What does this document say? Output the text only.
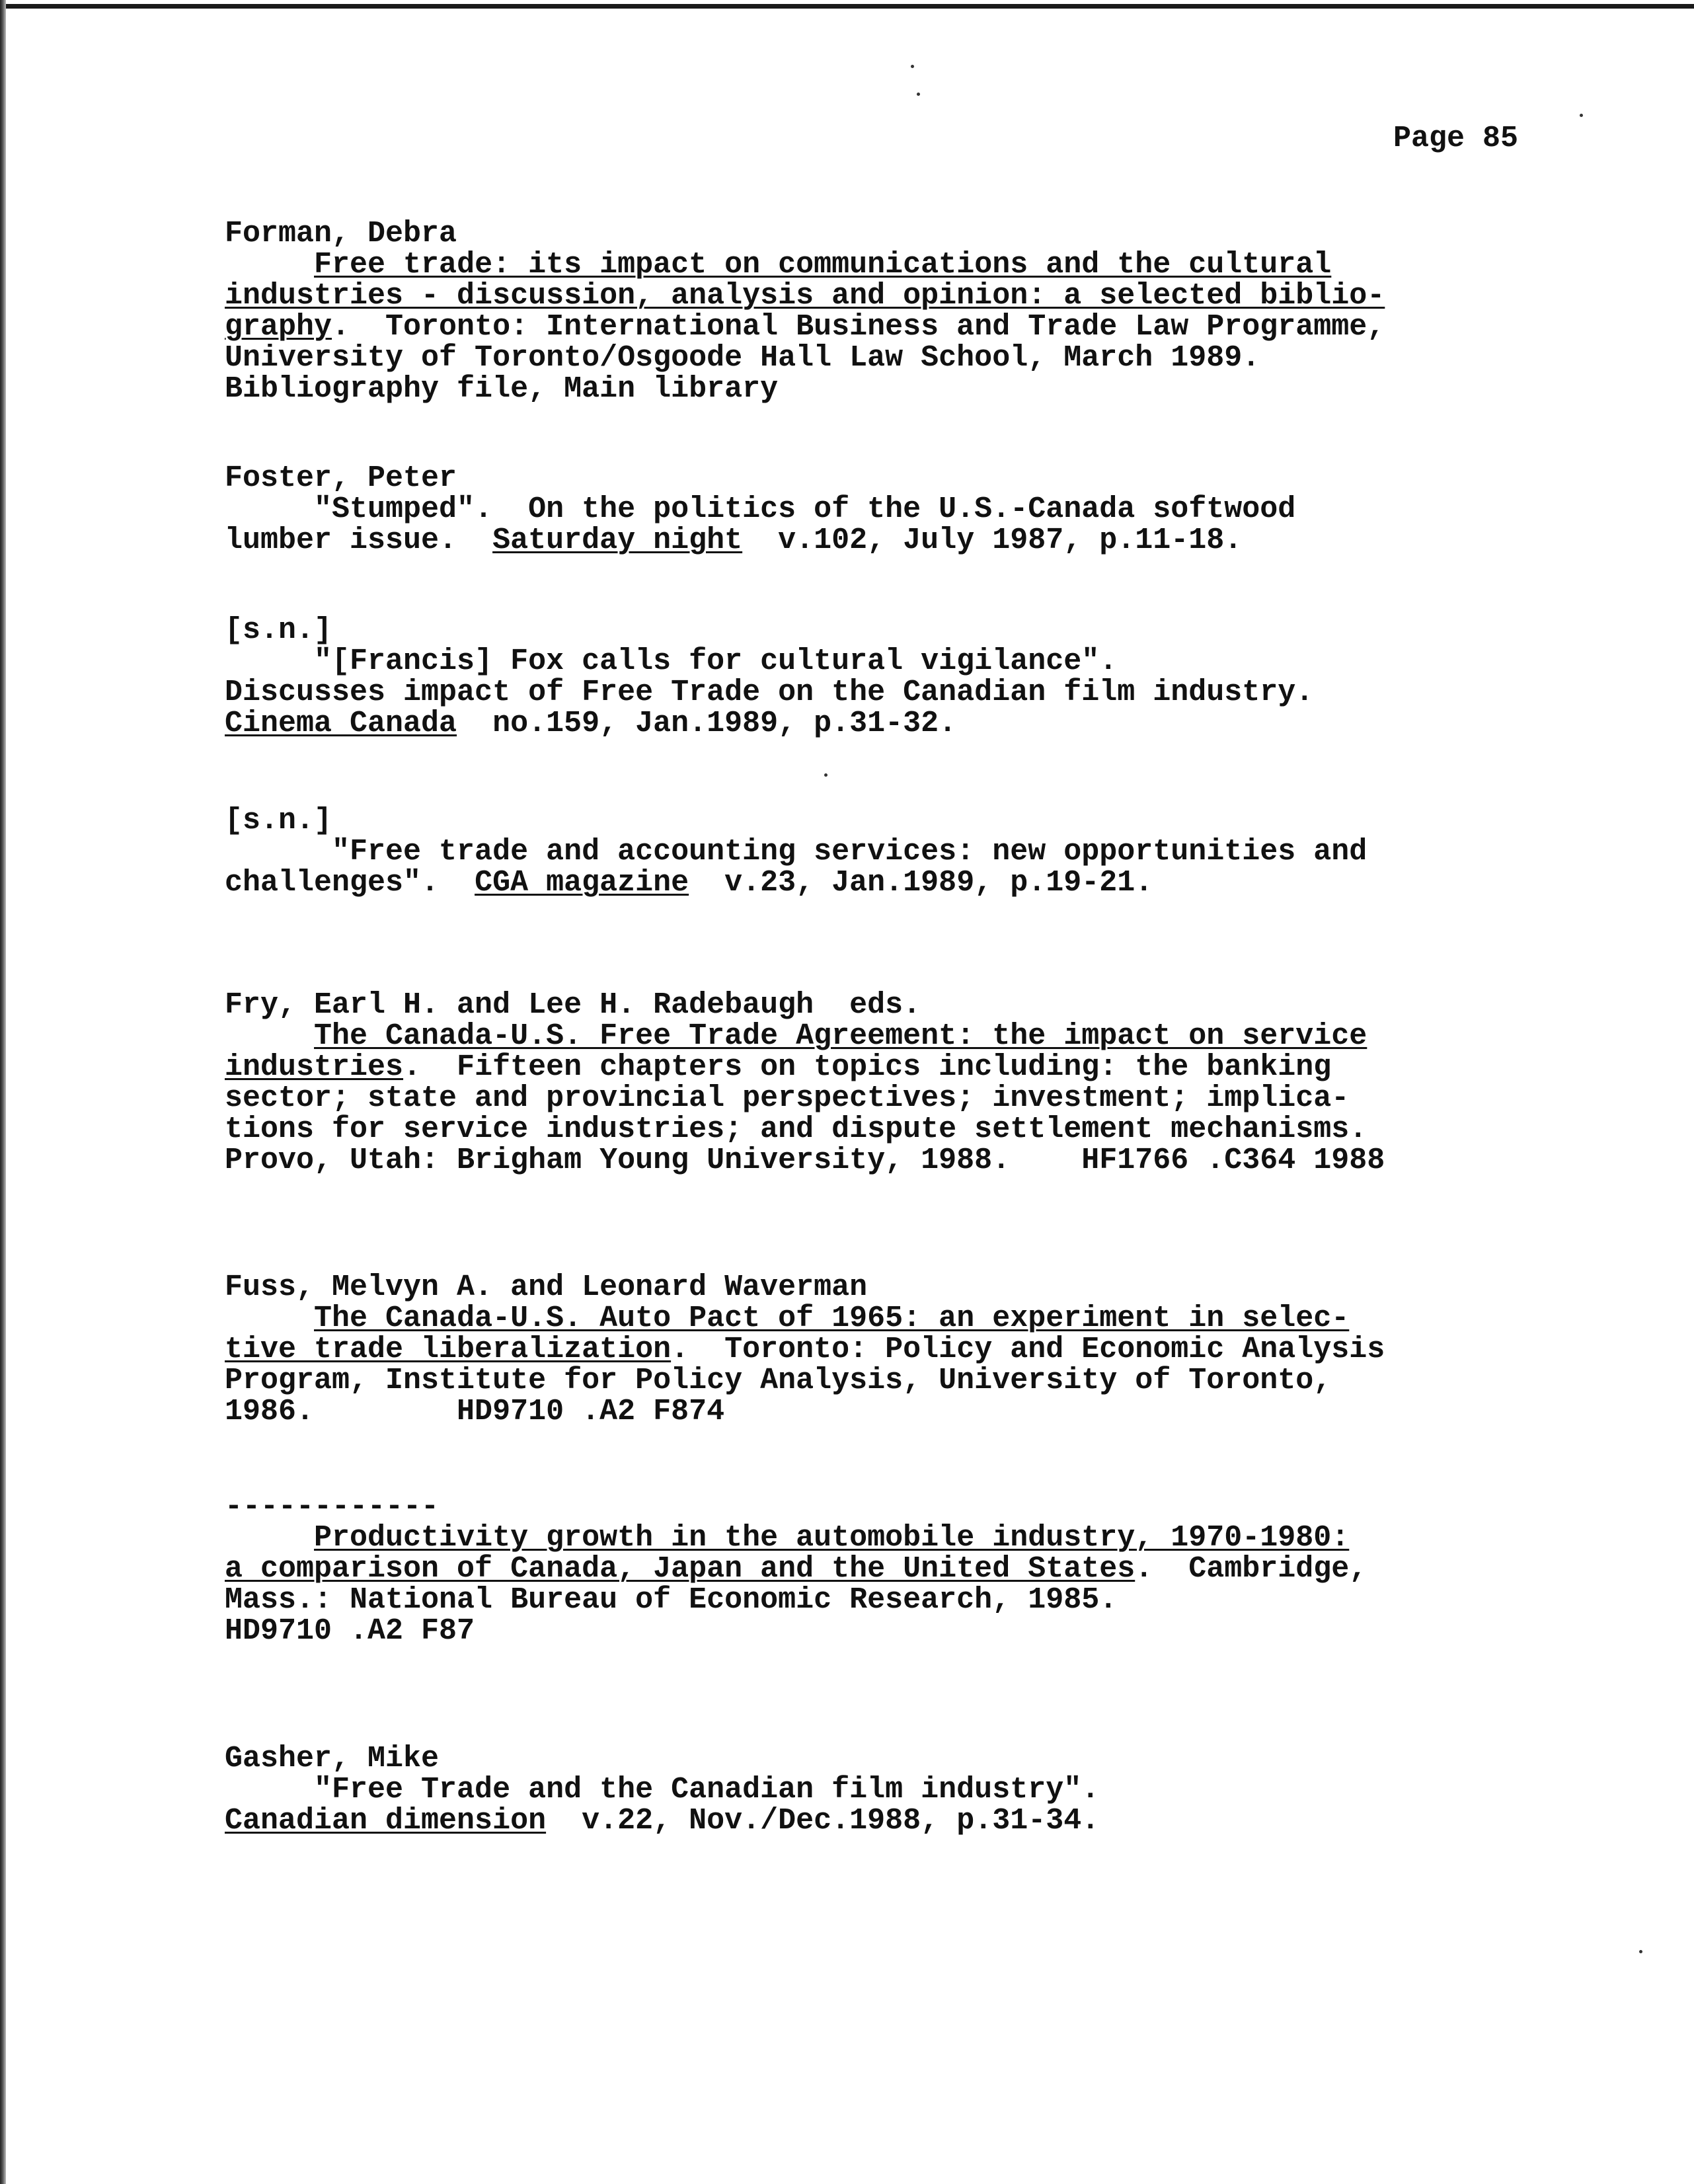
Page 85
Forman, Debra
Free trade: its impact on communications and the cultural
industries - discussion, analysis and opinion: a selected biblio-
graphy.  Toronto: International Business and Trade Law Programme,
University of Toronto/Osgoode Hall Law School, March 1989.
Bibliography file, Main library
Foster, Peter
"Stumped".  On the politics of the U.S.-Canada softwood
lumber issue.  Saturday night  v.102, July 1987, p.11-18.
[s.n.]
"[Francis] Fox calls for cultural vigilance".
Discusses impact of Free Trade on the Canadian film industry.
Cinema Canada  no.159, Jan.1989, p.31-32.
[s.n.]
"Free trade and accounting services: new opportunities and
challenges".  CGA magazine  v.23, Jan.1989, p.19-21.
Fry, Earl H. and Lee H. Radebaugh  eds.
The Canada-U.S. Free Trade Agreement: the impact on service
industries.  Fifteen chapters on topics including: the banking
sector; state and provincial perspectives; investment; implica-
tions for service industries; and dispute settlement mechanisms.
Provo, Utah: Brigham Young University, 1988.    HF1766 .C364 1988
Fuss, Melvyn A. and Leonard Waverman
The Canada-U.S. Auto Pact of 1965: an experiment in selec-
tive trade liberalization.  Toronto: Policy and Economic Analysis
Program, Institute for Policy Analysis, University of Toronto,
1986.        HD9710 .A2 F874
------------
Productivity growth in the automobile industry, 1970-1980:
a comparison of Canada, Japan and the United States.  Cambridge,
Mass.: National Bureau of Economic Research, 1985.
HD9710 .A2 F87
Gasher, Mike
"Free Trade and the Canadian film industry".
Canadian dimension  v.22, Nov./Dec.1988, p.31-34.
